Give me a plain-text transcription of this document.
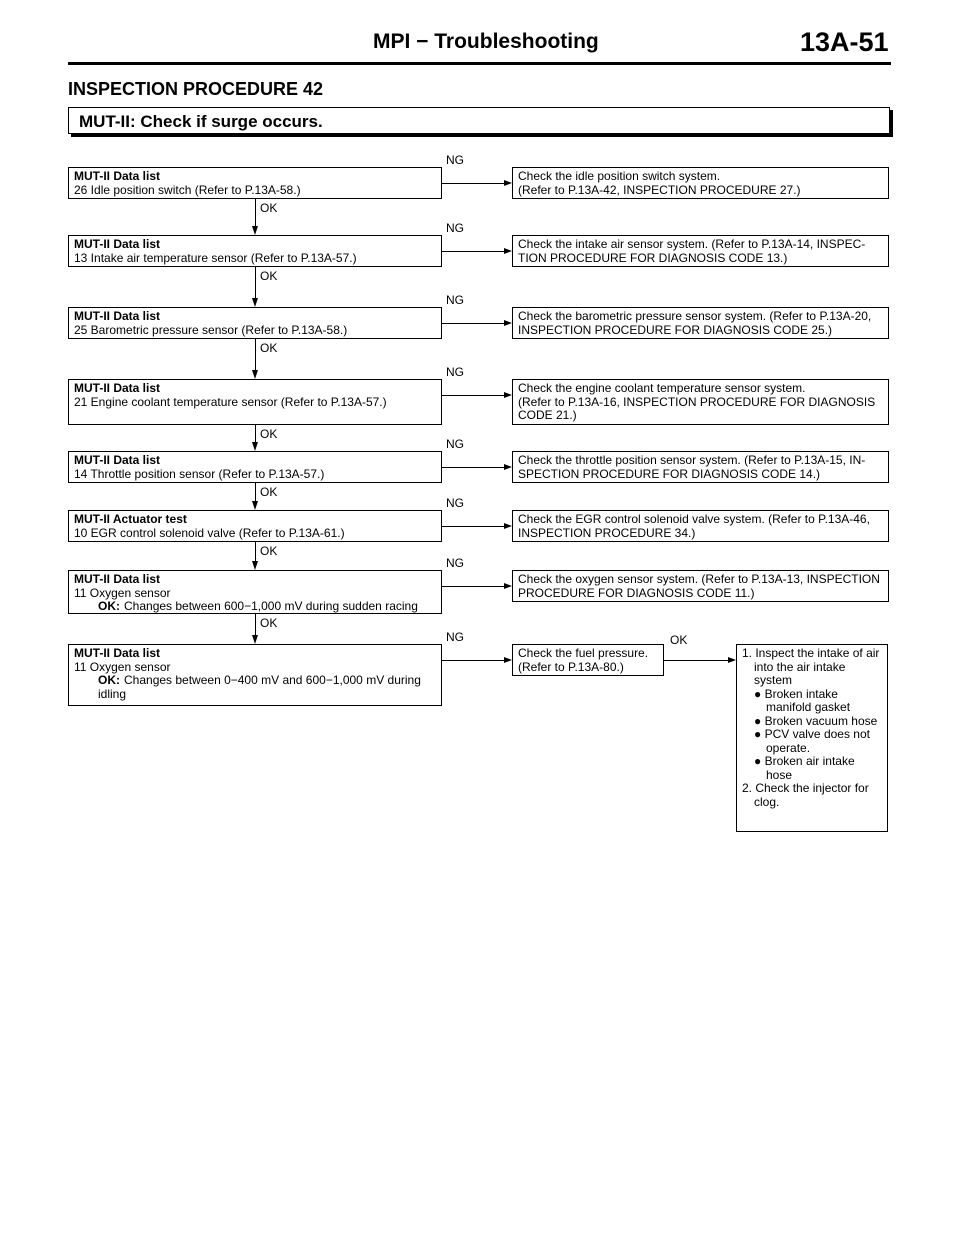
MPI − Troubleshooting	13A-51
INSPECTION PROCEDURE 42
MUT-II: Check if surge occurs.
MUT-II Data list
26 Idle position switch (Refer to P.13A-58.)
Check the idle position switch system.
(Refer to P.13A-42, INSPECTION PROCEDURE 27.)
NG
OK
MUT-II Data list
13 Intake air temperature sensor (Refer to P.13A-57.)
Check the intake air sensor system. (Refer to P.13A-14, INSPEC-
TION PROCEDURE FOR DIAGNOSIS CODE 13.)
NG
OK
MUT-II Data list
25 Barometric pressure sensor (Refer to P.13A-58.)
Check the barometric pressure sensor system. (Refer to P.13A-20,
INSPECTION PROCEDURE FOR DIAGNOSIS CODE 25.)
NG
OK
MUT-II Data list
21 Engine coolant temperature sensor (Refer to P.13A-57.)
Check the engine coolant temperature sensor system.
(Refer to P.13A-16, INSPECTION PROCEDURE FOR DIAGNOSIS
CODE 21.)
NG
OK
MUT-II Data list
14 Throttle position sensor (Refer to P.13A-57.)
Check the throttle position sensor system. (Refer to P.13A-15, IN-
SPECTION PROCEDURE FOR DIAGNOSIS CODE 14.)
NG
OK
MUT-II Actuator test
10 EGR control solenoid valve (Refer to P.13A-61.)
Check the EGR control solenoid valve system. (Refer to P.13A-46,
INSPECTION PROCEDURE 34.)
NG
OK
MUT-II Data list
11 Oxygen sensor
OK: Changes between 600−1,000 mV during sudden racing
Check the oxygen sensor system. (Refer to P.13A-13, INSPECTION
PROCEDURE FOR DIAGNOSIS CODE 11.)
NG
OK
MUT-II Data list
11 Oxygen sensor
OK: Changes between 0−400 mV and 600−1,000 mV during idling
Check the fuel pressure.
(Refer to P.13A-80.)
NG	OK
1. Inspect the intake of air into the air intake system
● Broken intake manifold gasket
● Broken vacuum hose
● PCV valve does not operate.
● Broken air intake hose
2. Check the injector for clog.
